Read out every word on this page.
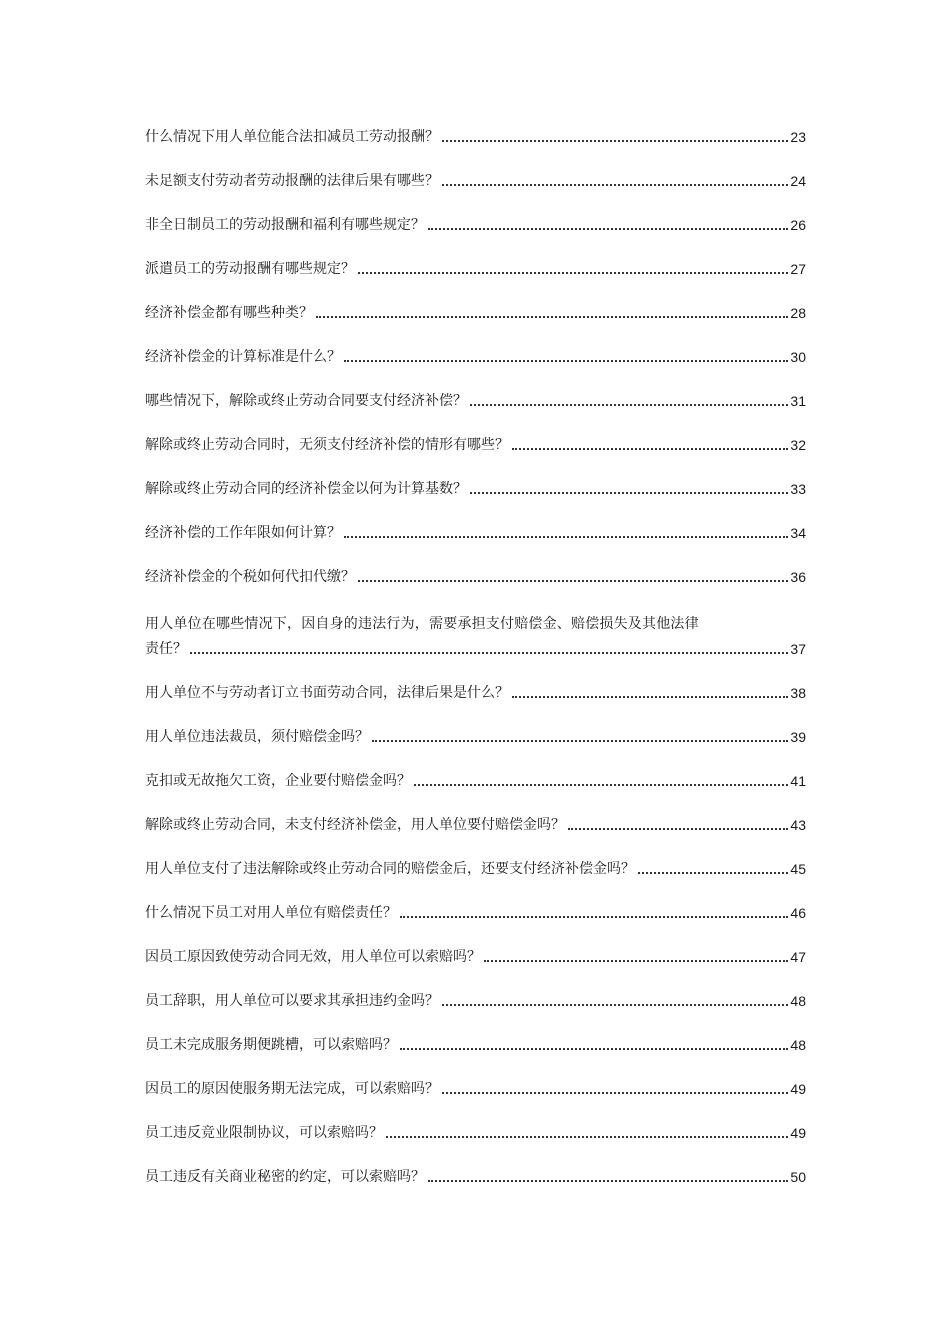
什么情况下用人单位能合法扣减员工劳动报酬？	23
未足额支付劳动者劳动报酬的法律后果有哪些？	24
非全日制员工的劳动报酬和福利有哪些规定？	26
派遣员工的劳动报酬有哪些规定？	27
经济补偿金都有哪些种类？	28
经济补偿金的计算标准是什么？	30
哪些情况下，解除或终止劳动合同要支付经济补偿？	31
解除或终止劳动合同时，无须支付经济补偿的情形有哪些？	32
解除或终止劳动合同的经济补偿金以何为计算基数？	33
经济补偿的工作年限如何计算？	34
经济补偿金的个税如何代扣代缴？	36
用人单位在哪些情况下，因自身的违法行为，需要承担支付赔偿金、赔偿损失及其他法律
责任？	37
用人单位不与劳动者订立书面劳动合同，法律后果是什么？	38
用人单位违法裁员，须付赔偿金吗？	39
克扣或无故拖欠工资，企业要付赔偿金吗？	41
解除或终止劳动合同，未支付经济补偿金，用人单位要付赔偿金吗？	43
用人单位支付了违法解除或终止劳动合同的赔偿金后，还要支付经济补偿金吗？	45
什么情况下员工对用人单位有赔偿责任？	46
因员工原因致使劳动合同无效，用人单位可以索赔吗？	47
员工辞职，用人单位可以要求其承担违约金吗？	48
员工未完成服务期便跳槽，可以索赔吗？	48
因员工的原因使服务期无法完成，可以索赔吗？	49
员工违反竞业限制协议，可以索赔吗？	49
员工违反有关商业秘密的约定，可以索赔吗？	50
